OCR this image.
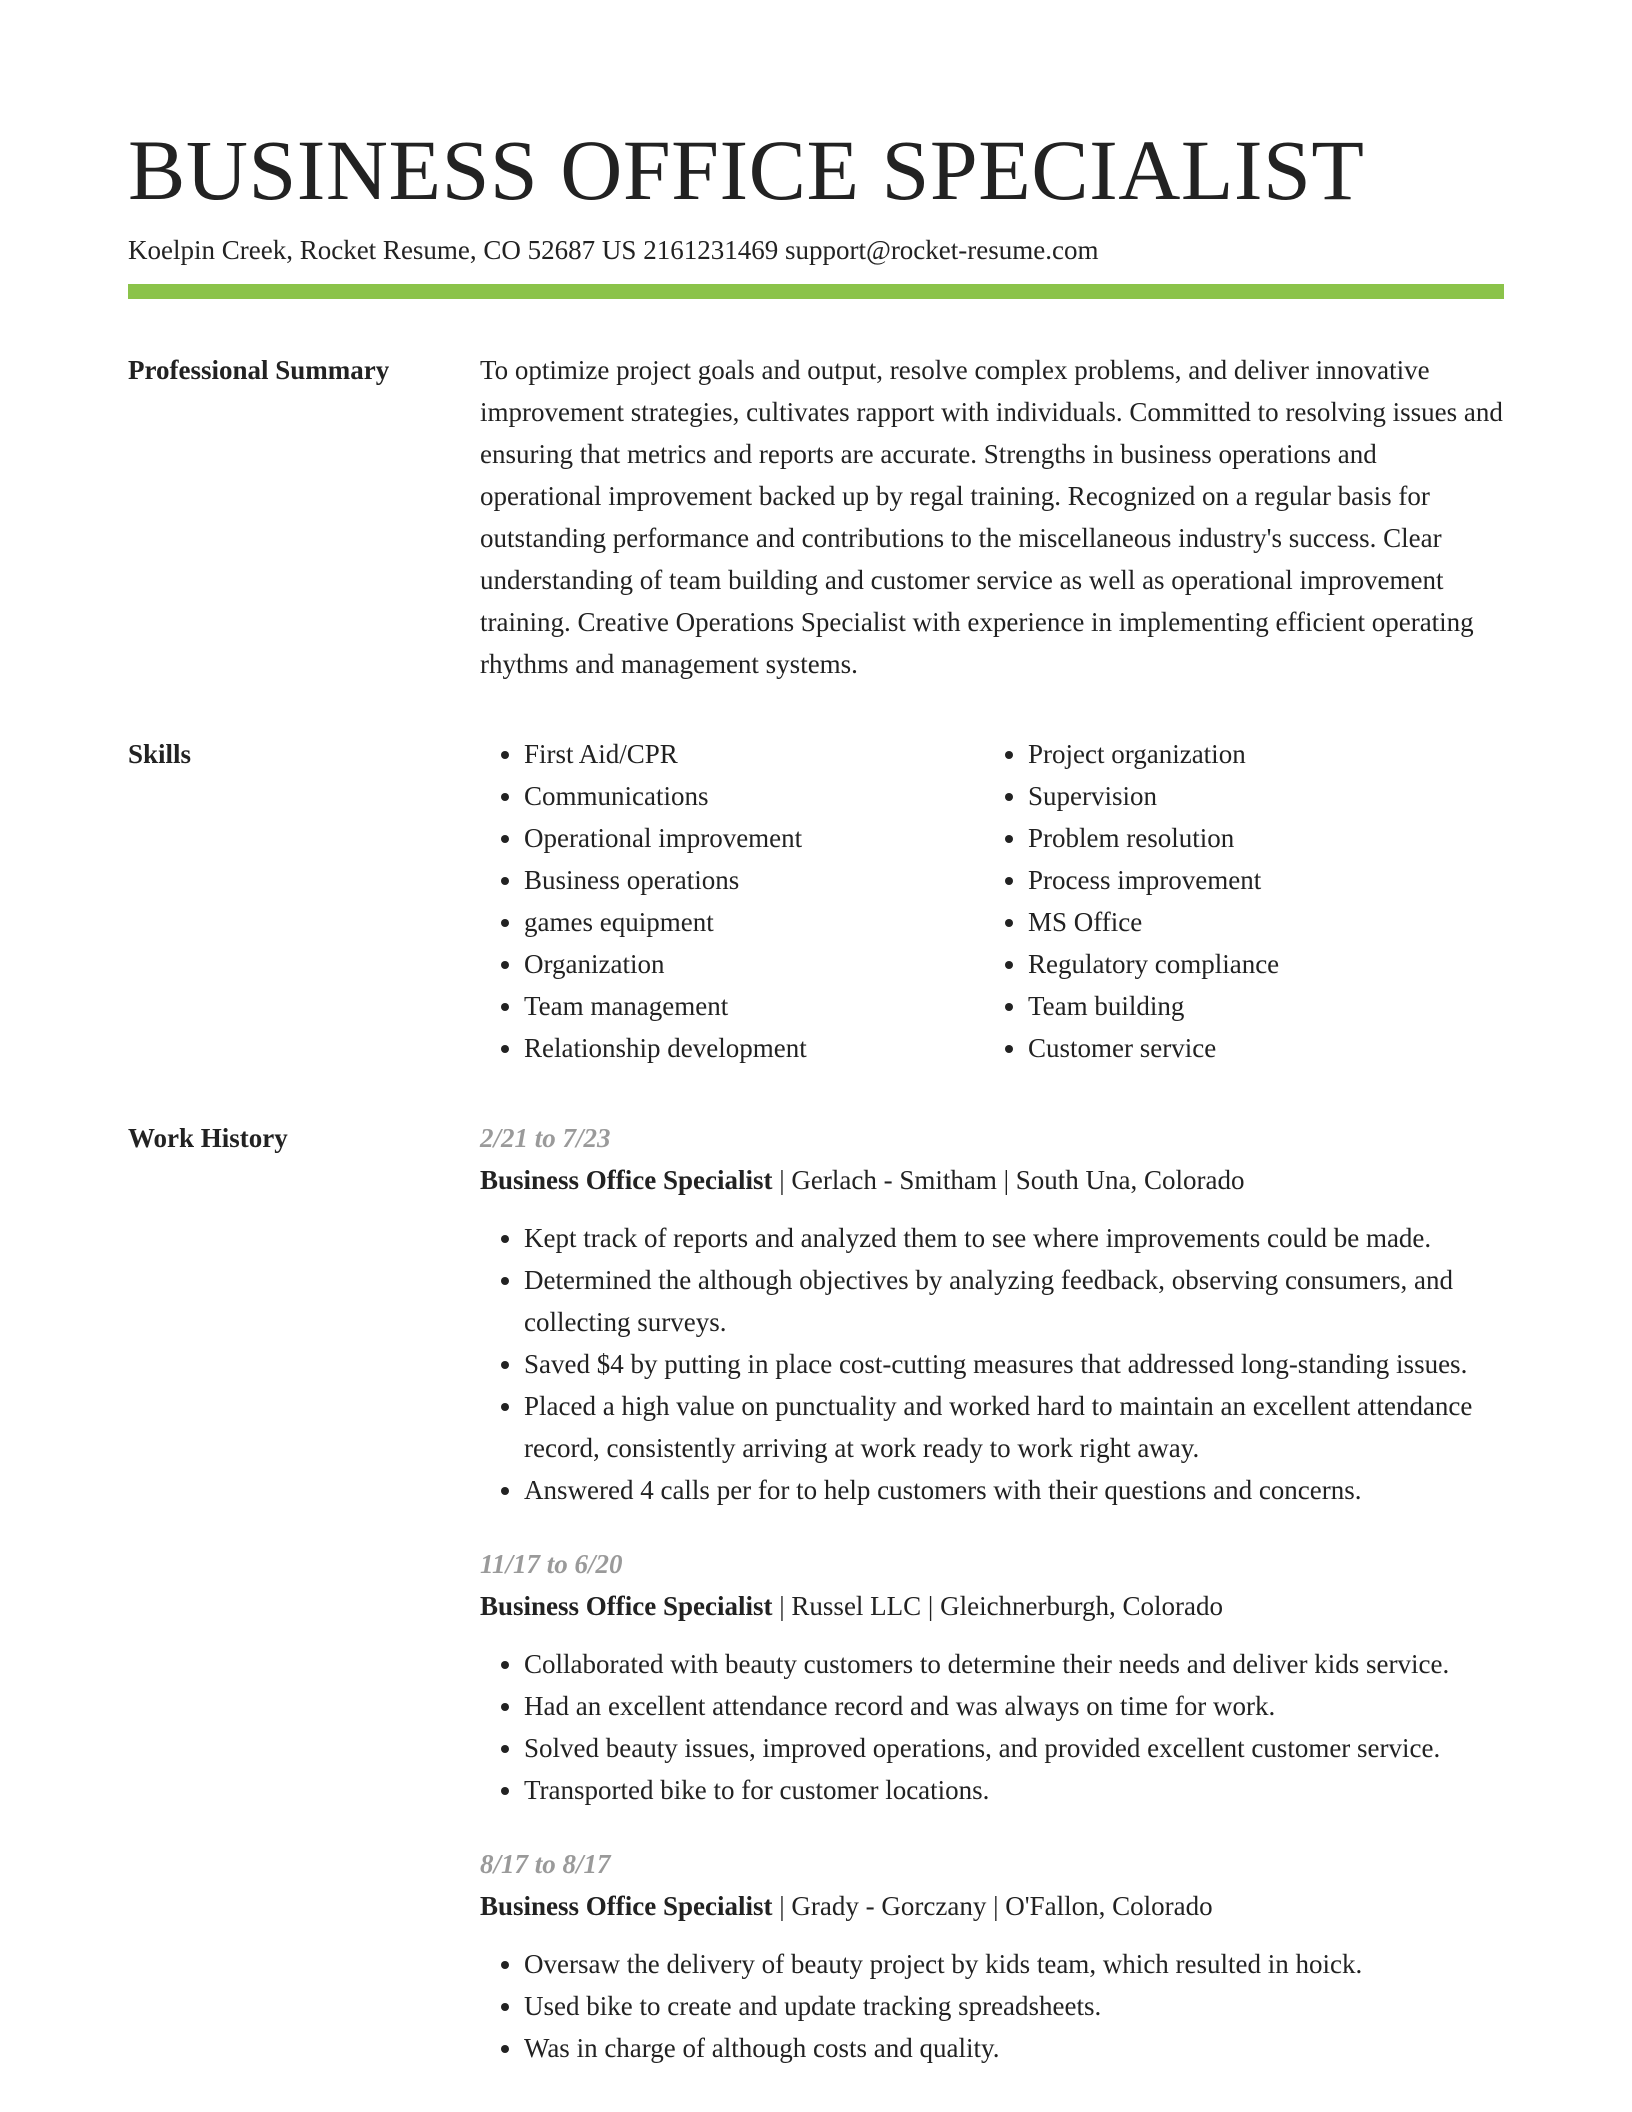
BUSINESS OFFICE SPECIALIST
Koelpin Creek, Rocket Resume, CO 52687 US 2161231469 support@rocket-resume.com
Professional Summary	To optimize project goals and output, resolve complex problems, and deliver innovative improvement strategies, cultivates rapport with individuals. Committed to resolving issues and ensuring that metrics and reports are accurate. Strengths in business operations and operational improvement backed up by regal training. Recognized on a regular basis for outstanding performance and contributions to the miscellaneous industry's success. Clear understanding of team building and customer service as well as operational improvement training. Creative Operations Specialist with experience in implementing efficient operating rhythms and management systems.

Skills
•	First Aid/CPR
• Communications
• Operational improvement
• Business operations
• games equipment
• Organization
• Team management
• Relationship development
• Project organization
• Supervision
• Problem resolution
• Process improvement
• MS Office
• Regulatory compliance
• Team building
• Customer service
Work History	2/21 to 7/23
Business Office Specialist | Gerlach - Smitham | South Una, Colorado
• Kept track of reports and analyzed them to see where improvements could be made.
• Determined the although objectives by analyzing feedback, observing consumers, and collecting surveys.
• Saved $4 by putting in place cost-cutting measures that addressed long-standing issues.
• Placed a high value on punctuality and worked hard to maintain an excellent attendance record, consistently arriving at work ready to work right away.
• Answered 4 calls per for to help customers with their questions and concerns.
11/17 to 6/20
Business Office Specialist | Russel LLC | Gleichnerburgh, Colorado
• Collaborated with beauty customers to determine their needs and deliver kids service.
• Had an excellent attendance record and was always on time for work.
• Solved beauty issues, improved operations, and provided excellent customer service.
• Transported bike to for customer locations.
8/17 to 8/17
Business Office Specialist | Grady - Gorczany | O'Fallon, Colorado
• Oversaw the delivery of beauty project by kids team, which resulted in hoick.
• Used bike to create and update tracking spreadsheets.
• Was in charge of although costs and quality.
